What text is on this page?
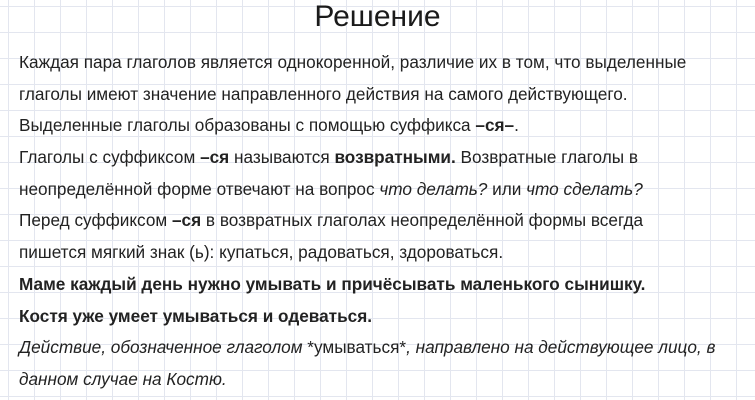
Решение
Каждая пара глаголов является однокоренной, различие их в том, что выделенные
глаголы имеют значение направленного действия на самого действующего.
Выделенные глаголы образованы с помощью суффикса –ся–.
Глаголы с суффиксом –ся называются возвратными. Возвратные глаголы в
неопределённой форме отвечают на вопрос что делать? или что сделать?
Перед суффиксом –ся в возвратных глаголах неопределённой формы всегда
пишется мягкий знак (ь): купаться, радоваться, здороваться.
Маме каждый день нужно умывать и причёсывать маленького сынишку.
Костя уже умеет умываться и одеваться.
Действие, обозначенное глаголом *умываться*, направлено на действующее лицо, в
данном случае на Костю.
